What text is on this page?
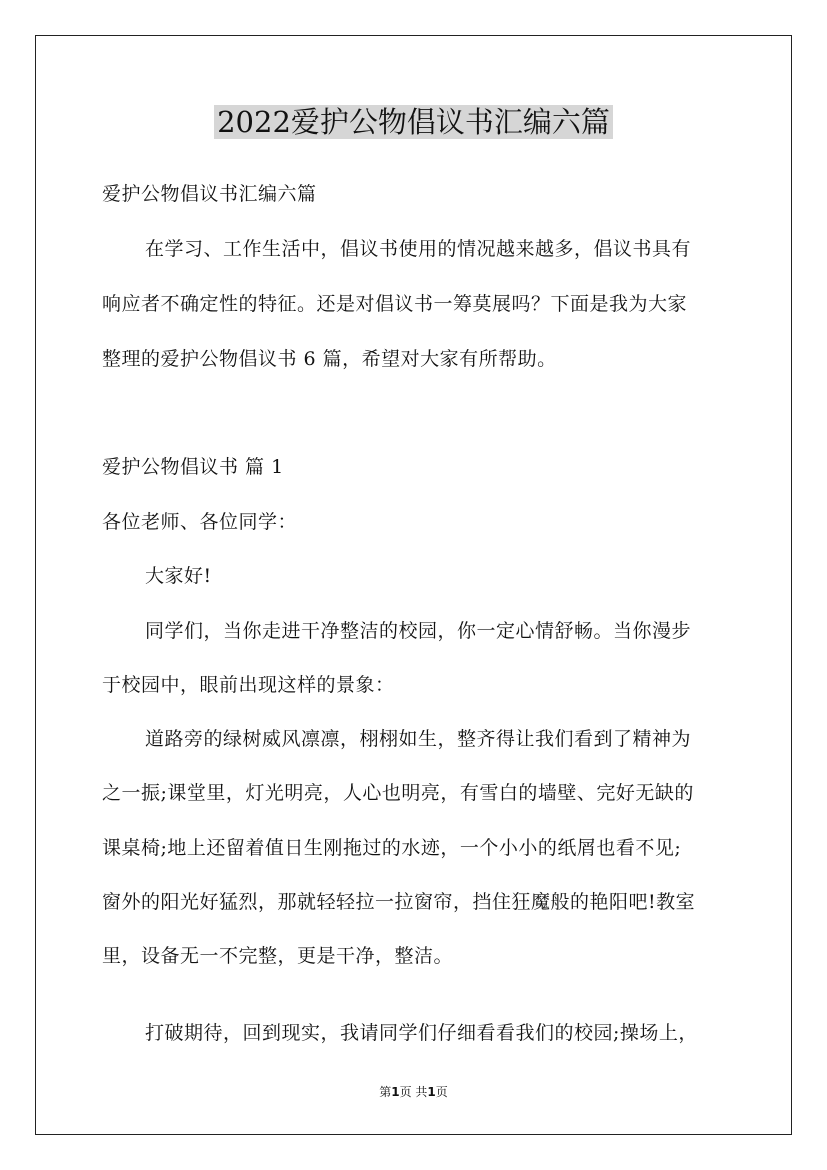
2022爱护公物倡议书汇编六篇

爱护公物倡议书汇编六篇

在学习、工作生活中，倡议书使用的情况越来越多，倡议书具有

响应者不确定性的特征。还是对倡议书一筹莫展吗？下面是我为大家

整理的爱护公物倡议书 6 篇，希望对大家有所帮助。

爱护公物倡议书 篇 1

各位老师、各位同学：

大家好!

同学们，当你走进干净整洁的校园，你一定心情舒畅。当你漫步

于校园中，眼前出现这样的景象：

道路旁的绿树威风凛凛，栩栩如生，整齐得让我们看到了精神为

之一振;课堂里，灯光明亮，人心也明亮，有雪白的墙壁、完好无缺的

课桌椅;地上还留着值日生刚拖过的水迹，一个小小的纸屑也看不见;

窗外的阳光好猛烈，那就轻轻拉一拉窗帘，挡住狂魔般的艳阳吧!教室

里，设备无一不完整，更是干净，整洁。

打破期待，回到现实，我请同学们仔细看看我们的校园;操场上，

第1页 共1页
